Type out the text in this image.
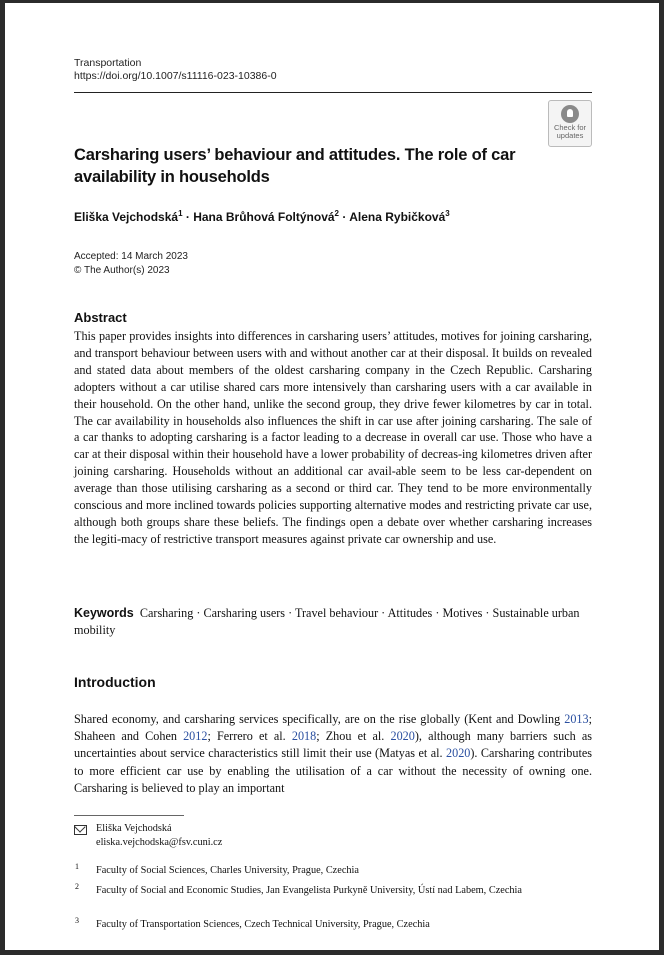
Transportation
https://doi.org/10.1007/s11116-023-10386-0
Check for
updates
Carsharing users’ behaviour and attitudes. The role of car
availability in households
Eliška Vejchodská$^1$ · Hana Brůhová Foltýnová$^2$ · Alena Rybičková$^3$
Accepted: 14 March 2023
© The Author(s) 2023
Abstract
This paper provides insights into differences in carsharing users’ attitudes, motives for joining carsharing, and transport behaviour between users with and without another car at their disposal. It builds on revealed and stated data about members of the oldest carsharing company in the Czech Republic. Carsharing adopters without a car utilise shared cars more intensively than carsharing users with a car available in their household. On the other hand, unlike the second group, they drive fewer kilometres by car in total. The car availability in households also influences the shift in car use after joining carsharing. The sale of a car thanks to adopting carsharing is a factor leading to a decrease in overall car use. Those who have a car at their disposal within their household have a lower probability of decreas-ing kilometres driven after joining carsharing. Households without an additional car avail-able seem to be less car-dependent on average than those utilising carsharing as a second or third car. They tend to be more environmentally conscious and more inclined towards policies supporting alternative modes and restricting private car use, although both groups share these beliefs. The findings open a debate over whether carsharing increases the legiti-macy of restrictive transport measures against private car ownership and use.
Keywords Carsharing · Carsharing users · Travel behaviour · Attitudes · Motives · Sustainable urban mobility
Introduction
Shared economy, and carsharing services specifically, are on the rise globally (Kent and Dowling 2013; Shaheen and Cohen 2012; Ferrero et al. 2018; Zhou et al. 2020), although many barriers such as uncertainties about service characteristics still limit their use (Matyas et al. 2020). Carsharing contributes to more efficient car use by enabling the utilisation of a car without the necessity of owning one. Carsharing is believed to play an important
Eliška Vejchodská
eliska.vejchodska@fsv.cuni.cz
1 Faculty of Social Sciences, Charles University, Prague, Czechia
2 Faculty of Social and Economic Studies, Jan Evangelista Purkyně University, Ústí nad Labem, Czechia
3 Faculty of Transportation Sciences, Czech Technical University, Prague, Czechia
